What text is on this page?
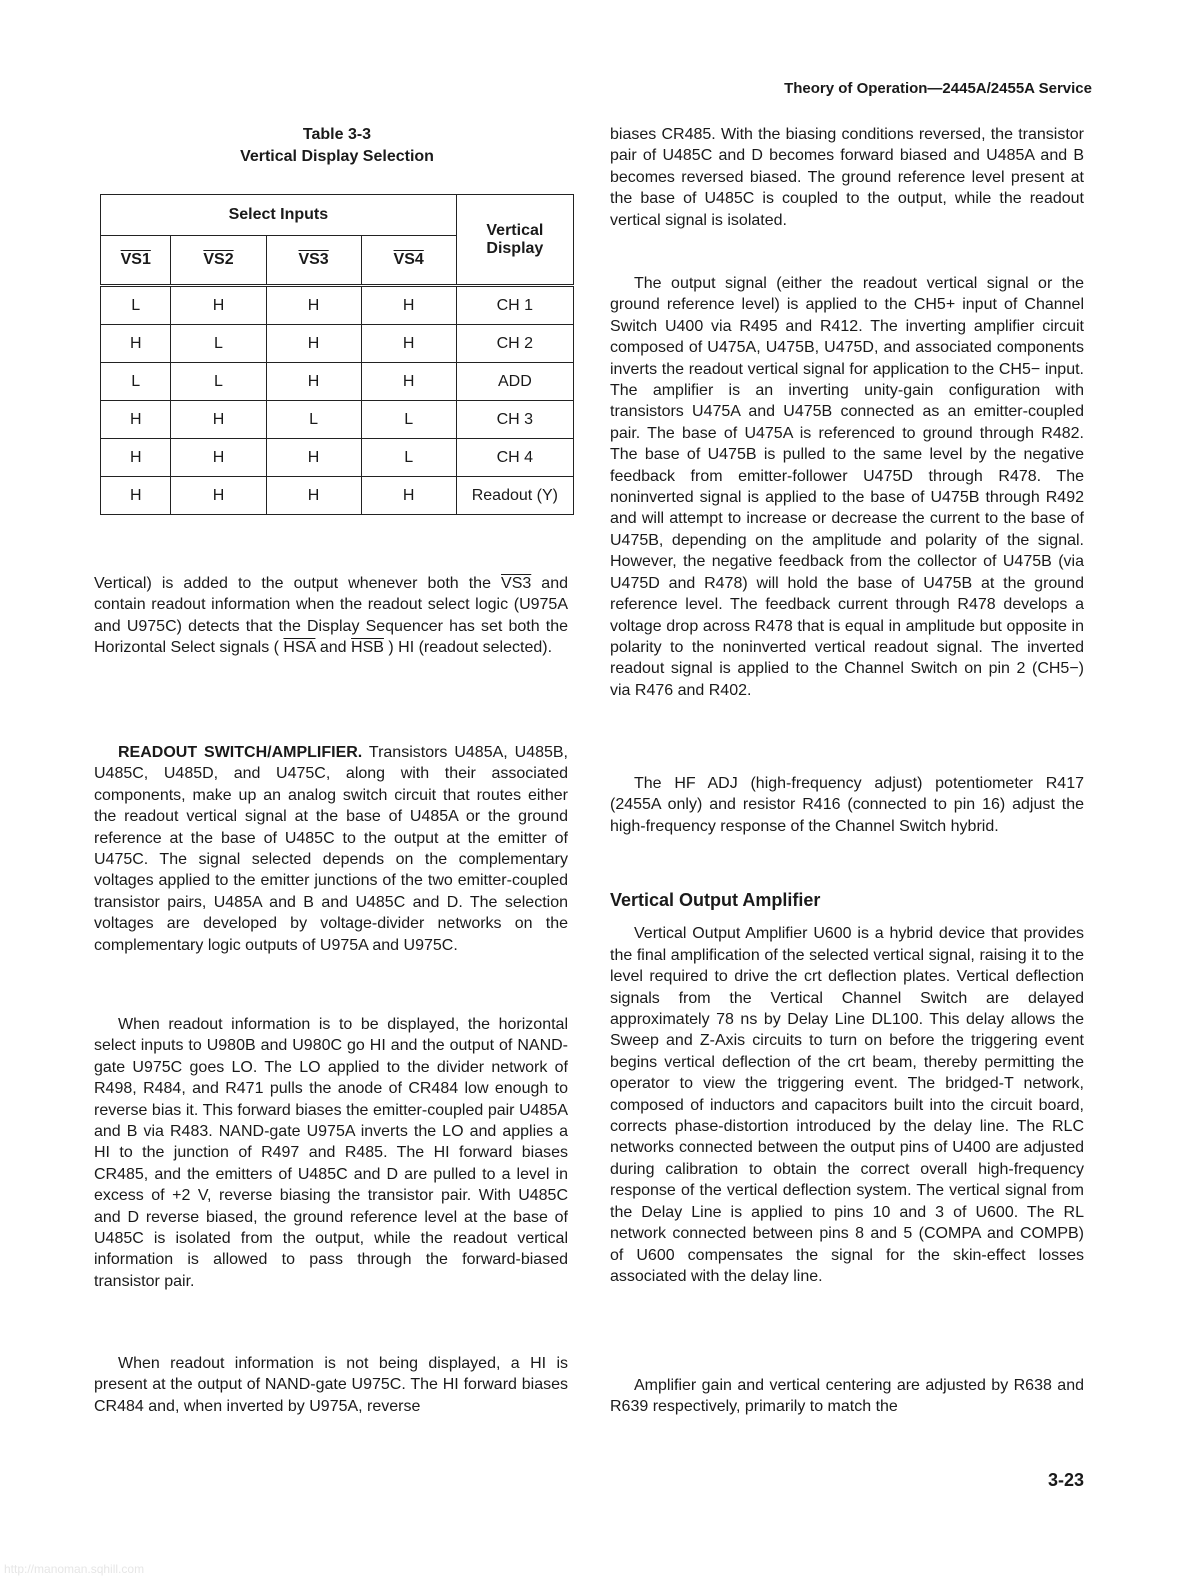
Theory of Operation—2445A/2455A Service
Table 3-3
Vertical Display Selection
Select Inputs				Vertical
Display

VS1	VS2	VS3	VS4	
L	H	H	H	CH 1
H	L	H	H	CH 2
L	L	H	H	ADD
H	H	L	L	CH 3
H	H	H	L	CH 4
H	H	H	H	Readout (Y)

Vertical) is added to the output whenever both the VS3 and contain readout information when the readout select logic (U975A and U975C) detects that the Display Sequencer has set both the Horizontal Select signals ( $\overline{HSA}$ and $\overline{HSB}$ ) HI (readout selected).

READOUT SWITCH/AMPLIFIER. Transistors U485A, U485B, U485C, U485D, and U475C, along with their associated components, make up an analog switch circuit that routes either the readout vertical signal at the base of U485A or the ground reference at the base of U485C to the output at the emitter of U475C. The signal selected depends on the complementary voltages applied to the emitter junctions of the two emitter-coupled transistor pairs, U485A and B and U485C and D. The selection voltages are developed by voltage-divider networks on the complementary logic outputs of U975A and U975C.

When readout information is to be displayed, the horizontal select inputs to U980B and U980C go HI and the output of NAND-gate U975C goes LO. The LO applied to the divider network of R498, R484, and R471 pulls the anode of CR484 low enough to reverse bias it. This forward biases the emitter-coupled pair U485A and B via R483. NAND-gate U975A inverts the LO and applies a HI to the junction of R497 and R485. The HI forward biases CR485, and the emitters of U485C and D are pulled to a level in excess of +2 V, reverse biasing the transistor pair. With U485C and D reverse biased, the ground reference level at the base of U485C is isolated from the output, while the readout vertical information is allowed to pass through the forward-biased transistor pair.

When readout information is not being displayed, a HI is present at the output of NAND-gate U975C. The HI forward biases CR484 and, when inverted by U975A, reverse

biases CR485. With the biasing conditions reversed, the transistor pair of U485C and D becomes forward biased and U485A and B becomes reversed biased. The ground reference level present at the base of U485C is coupled to the output, while the readout vertical signal is isolated.

The output signal (either the readout vertical signal or the ground reference level) is applied to the CH5+ input of Channel Switch U400 via R495 and R412. The inverting amplifier circuit composed of U475A, U475B, U475D, and associated components inverts the readout vertical signal for application to the CH5− input. The amplifier is an inverting unity-gain configuration with transistors U475A and U475B connected as an emitter-coupled pair. The base of U475A is referenced to ground through R482. The base of U475B is pulled to the same level by the negative feedback from emitter-follower U475D through R478. The noninverted signal is applied to the base of U475B through R492 and will attempt to increase or decrease the current to the base of U475B, depending on the amplitude and polarity of the signal. However, the negative feedback from the collector of U475B (via U475D and R478) will hold the base of U475B at the ground reference level. The feedback current through R478 develops a voltage drop across R478 that is equal in amplitude but opposite in polarity to the noninverted vertical readout signal. The inverted readout signal is applied to the Channel Switch on pin 2 (CH5−) via R476 and R402.

The HF ADJ (high-frequency adjust) potentiometer R417 (2455A only) and resistor R416 (connected to pin 16) adjust the high-frequency response of the Channel Switch hybrid.

Vertical Output Amplifier

Vertical Output Amplifier U600 is a hybrid device that provides the final amplification of the selected vertical signal, raising it to the level required to drive the crt deflection plates. Vertical deflection signals from the Vertical Channel Switch are delayed approximately 78 ns by Delay Line DL100. This delay allows the Sweep and Z-Axis circuits to turn on before the triggering event begins vertical deflection of the crt beam, thereby permitting the operator to view the triggering event. The bridged-T network, composed of inductors and capacitors built into the circuit board, corrects phase-distortion introduced by the delay line. The RLC networks connected between the output pins of U400 are adjusted during calibration to obtain the correct overall high-frequency response of the vertical deflection system. The vertical signal from the Delay Line is applied to pins 10 and 3 of U600. The RL network connected between pins 8 and 5 (COMPA and COMPB) of U600 compensates the signal for the skin-effect losses associated with the delay line.

Amplifier gain and vertical centering are adjusted by R638 and R639 respectively, primarily to match the

3-23
http://manoman.sqhill.com
